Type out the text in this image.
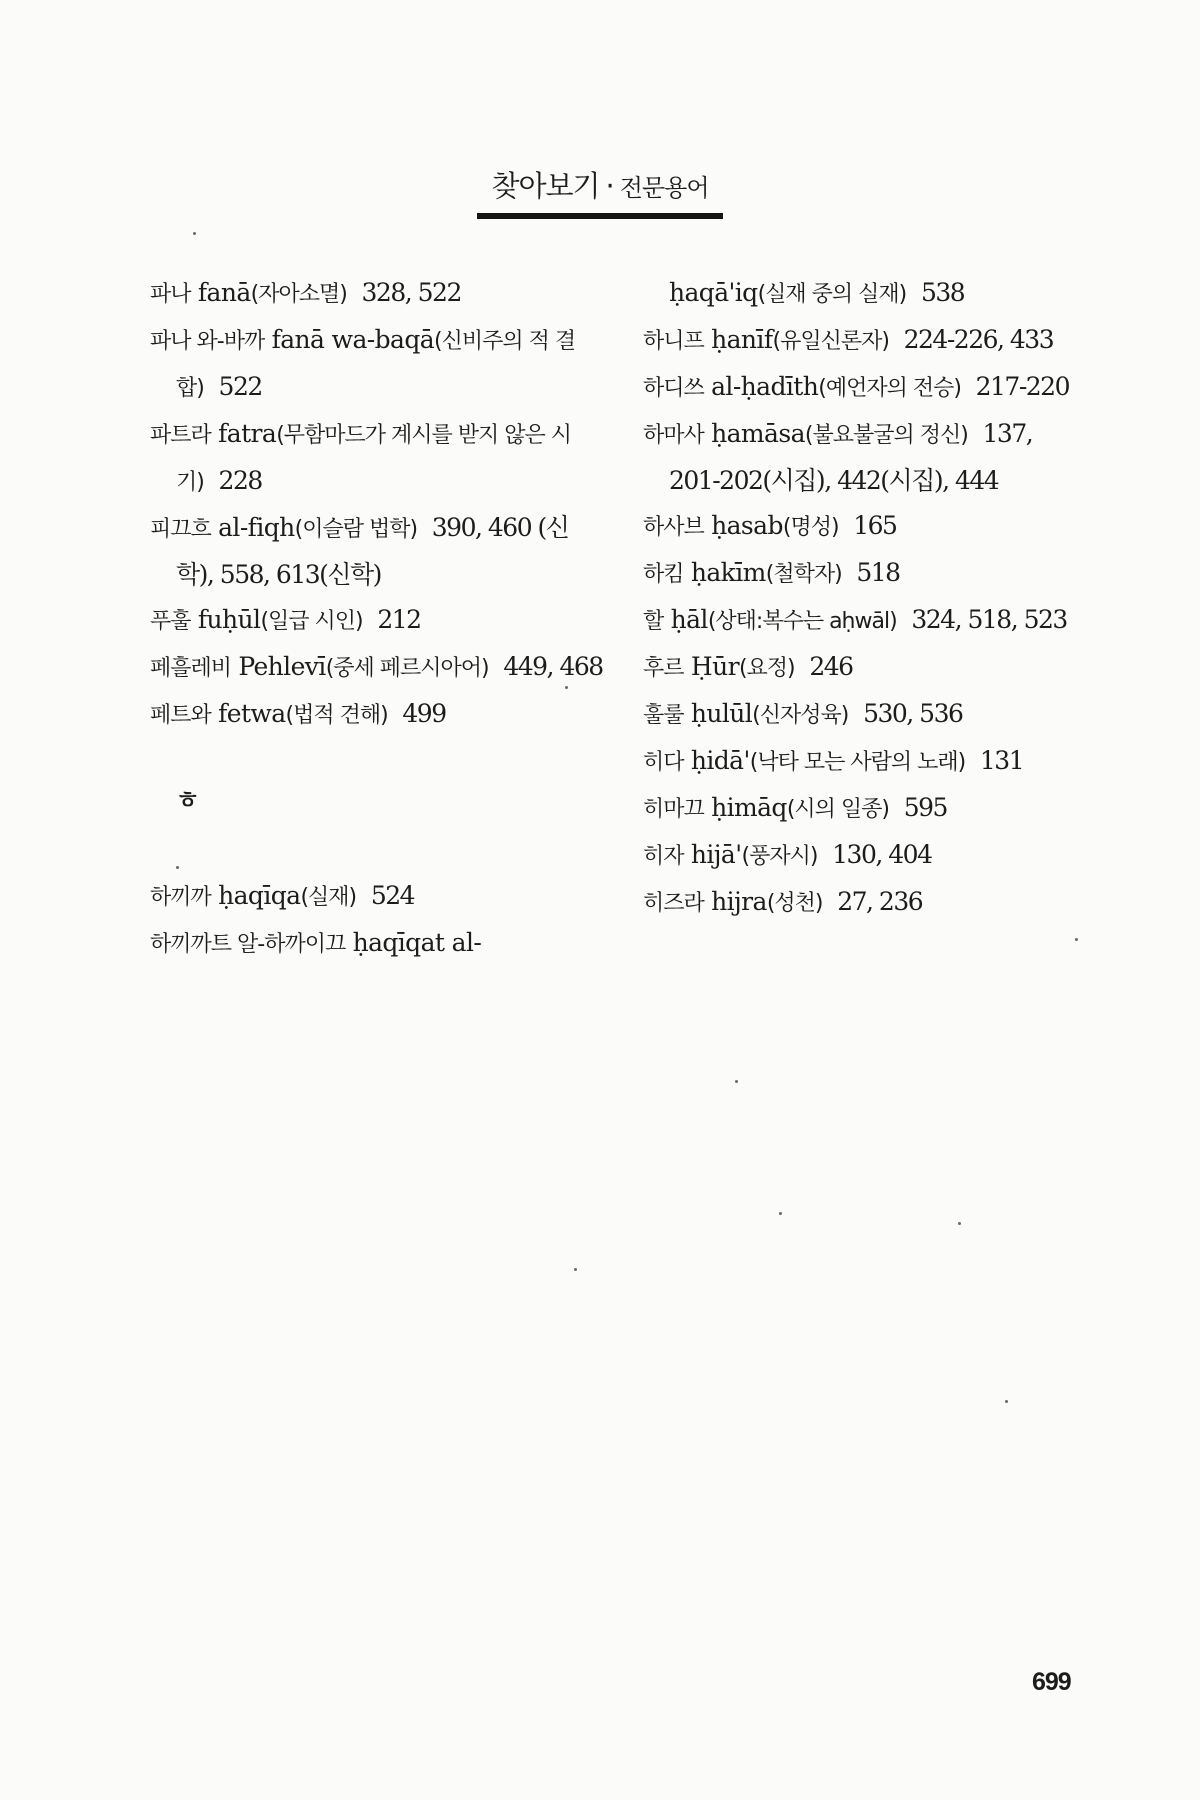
찾아보기 · 전문용어

파나 fanā(자아소멸) 328, 522

파나 와-바까 fanā wa-baqā(신비주의 적 결합) 522

파트라 fatra(무함마드가 계시를 받지 않은 시기) 228

피끄흐 al-fiqh(이슬람 법학) 390, 460 (신학), 558, 613(신학)

푸훌 fuḥūl(일급 시인) 212

페흘레비 Pehlevī(중세 페르시아어) 449, 468

페트와 fetwa(법적 견해) 499

ㅎ

하끼까 ḥaqīqa(실재) 524

하끼까트 알-하까이끄 ḥaqīqat al-

ḥaqā'iq(실재 중의 실재) 538

하니프 ḥanīf(유일신론자) 224-226, 433

하디쓰 al-ḥadīth(예언자의 전승) 217-220

하마사 ḥamāsa(불요불굴의 정신) 137, 201-202(시집), 442(시집), 444

하사브 ḥasab(명성) 165

하킴 ḥakīm(철학자) 518

할 ḥāl(상태:복수는 aḥwāl) 324, 518, 523

후르 Ḥūr(요정) 246

훌룰 ḥulūl(신자성육) 530, 536

히다 ḥidā'(낙타 모는 사람의 노래) 131

히마끄 ḥimāq(시의 일종) 595

히자 hijā'(풍자시) 130, 404

히즈라 hijra(성천) 27, 236

699
